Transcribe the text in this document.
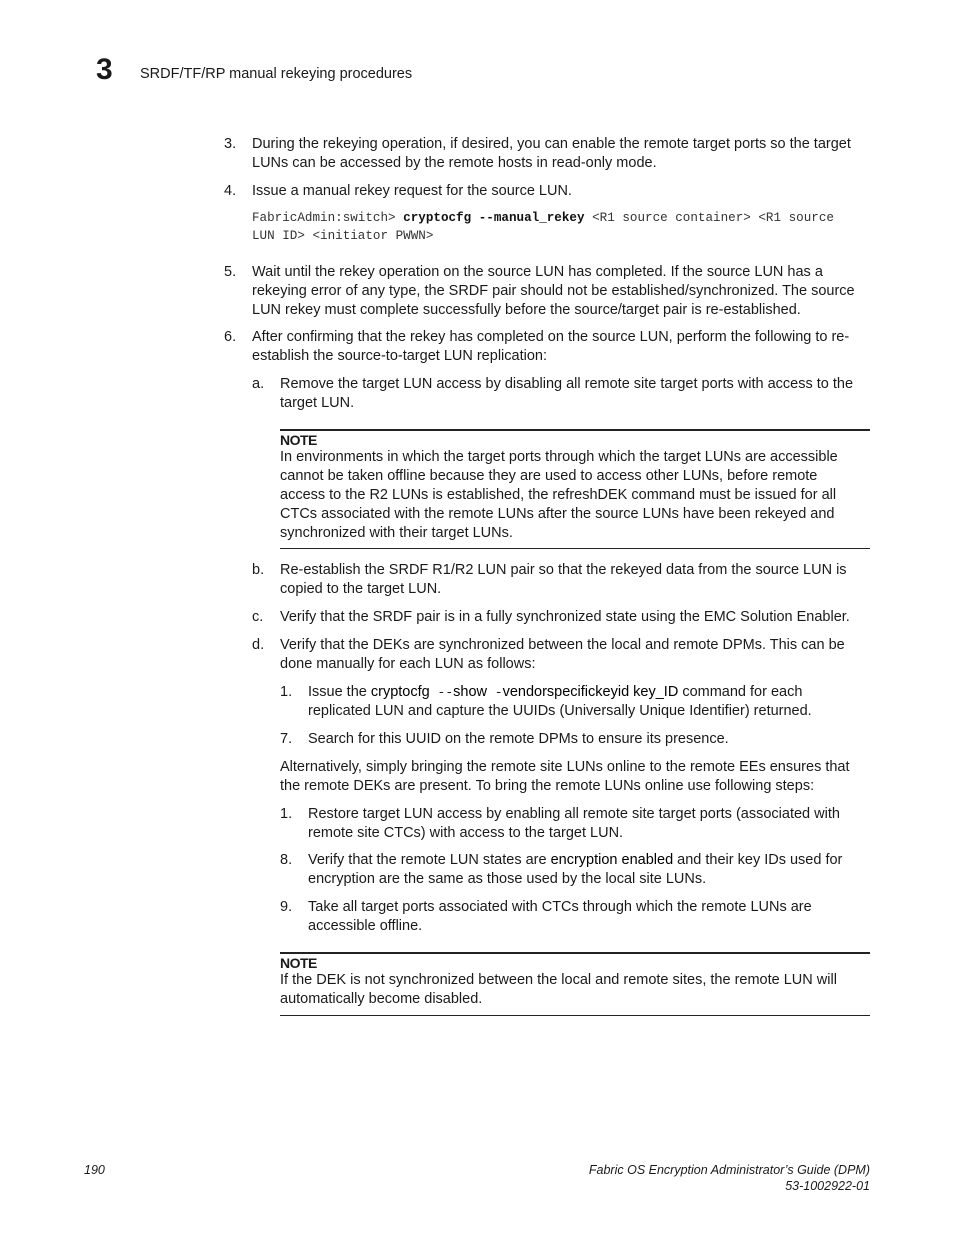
3 SRDF/TF/RP manual rekeying procedures
3. During the rekeying operation, if desired, you can enable the remote target ports so the target LUNs can be accessed by the remote hosts in read-only mode.
4. Issue a manual rekey request for the source LUN.
FabricAdmin:switch> cryptocfg --manual_rekey <R1 source container> <R1 source
LUN ID> <initiator PWWN>
5. Wait until the rekey operation on the source LUN has completed. If the source LUN has a rekeying error of any type, the SRDF pair should not be established/synchronized. The source LUN rekey must complete successfully before the source/target pair is re-established.
6. After confirming that the rekey has completed on the source LUN, perform the following to re-establish the source-to-target LUN replication:
a. Remove the target LUN access by disabling all remote site target ports with access to the target LUN.
NOTE
In environments in which the target ports through which the target LUNs are accessible cannot be taken offline because they are used to access other LUNs, before remote access to the R2 LUNs is established, the refreshDEK command must be issued for all CTCs associated with the remote LUNs after the source LUNs have been rekeyed and synchronized with their target LUNs.
b. Re-establish the SRDF R1/R2 LUN pair so that the rekeyed data from the source LUN is copied to the target LUN.
c. Verify that the SRDF pair is in a fully synchronized state using the EMC Solution Enabler.
d. Verify that the DEKs are synchronized between the local and remote DPMs. This can be done manually for each LUN as follows:
1. Issue the cryptocfg --show -vendorspecifickeyid key_ID command for each replicated LUN and capture the UUIDs (Universally Unique Identifier) returned.
7. Search for this UUID on the remote DPMs to ensure its presence.
Alternatively, simply bringing the remote site LUNs online to the remote EEs ensures that the remote DEKs are present. To bring the remote LUNs online use following steps:
1. Restore target LUN access by enabling all remote site target ports (associated with remote site CTCs) with access to the target LUN.
8. Verify that the remote LUN states are encryption enabled and their key IDs used for encryption are the same as those used by the local site LUNs.
9. Take all target ports associated with CTCs through which the remote LUNs are accessible offline.
NOTE
If the DEK is not synchronized between the local and remote sites, the remote LUN will automatically become disabled.
190	Fabric OS Encryption Administrator’s Guide (DPM)
53-1002922-01
